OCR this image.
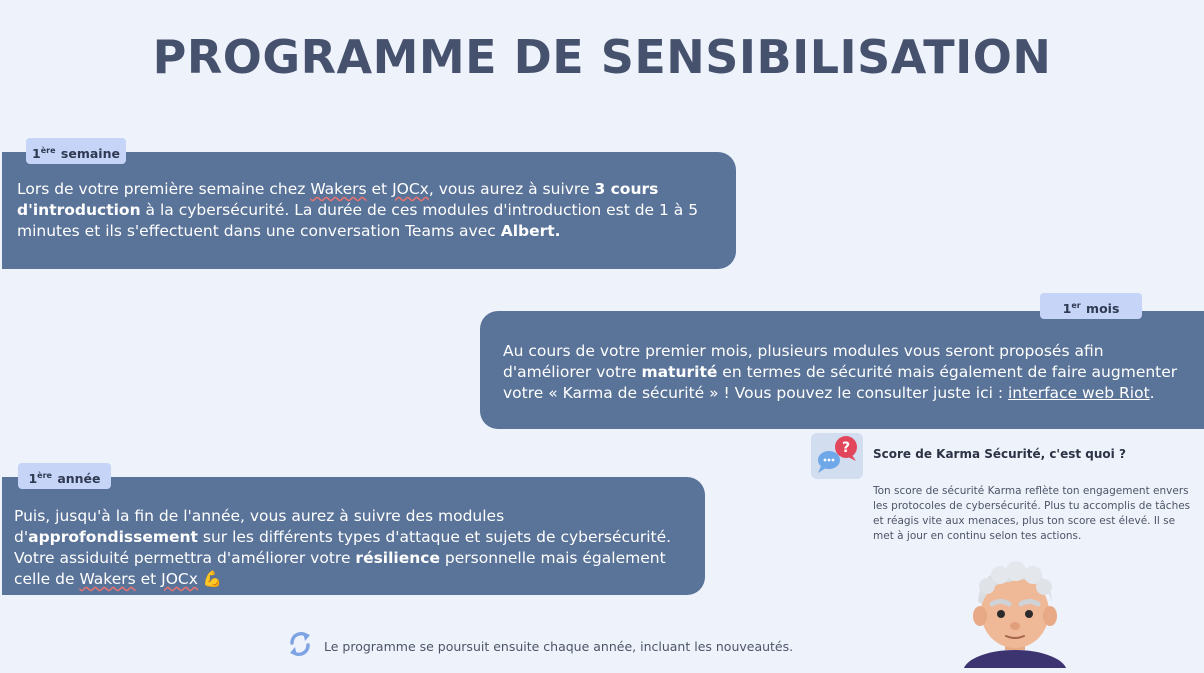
PROGRAMME DE SENSIBILISATION
Lors de votre première semaine chez Wakers et JOCx, vous aurez à suivre 3 cours d'introduction à la cybersécurité. La durée de ces modules d'introduction est de 1 à 5 minutes et ils s'effectuent dans une conversation Teams avec Albert.
1ère semaine
Au cours de votre premier mois, plusieurs modules vous seront proposés afin d'améliorer votre maturité en termes de sécurité mais également de faire augmenter votre « Karma de sécurité » ! Vous pouvez le consulter juste ici : interface web Riot.
1er mois
Puis, jusqu'à la fin de l'année, vous aurez à suivre des modules d'approfondissement sur les différents types d'attaque et sujets de cybersécurité. Votre assiduité permettra d'améliorer votre résilience personnelle mais également celle de Wakers et JOCx 💪
1ère année
? Score de Karma Sécurité, c'est quoi ?
Ton score de sécurité Karma reflète ton engagement envers les protocoles de cybersécurité. Plus tu accomplis de tâches et réagis vite aux menaces, plus ton score est élevé. Il se met à jour en continu selon tes actions.
Le programme se poursuit ensuite chaque année, incluant les nouveautés.
